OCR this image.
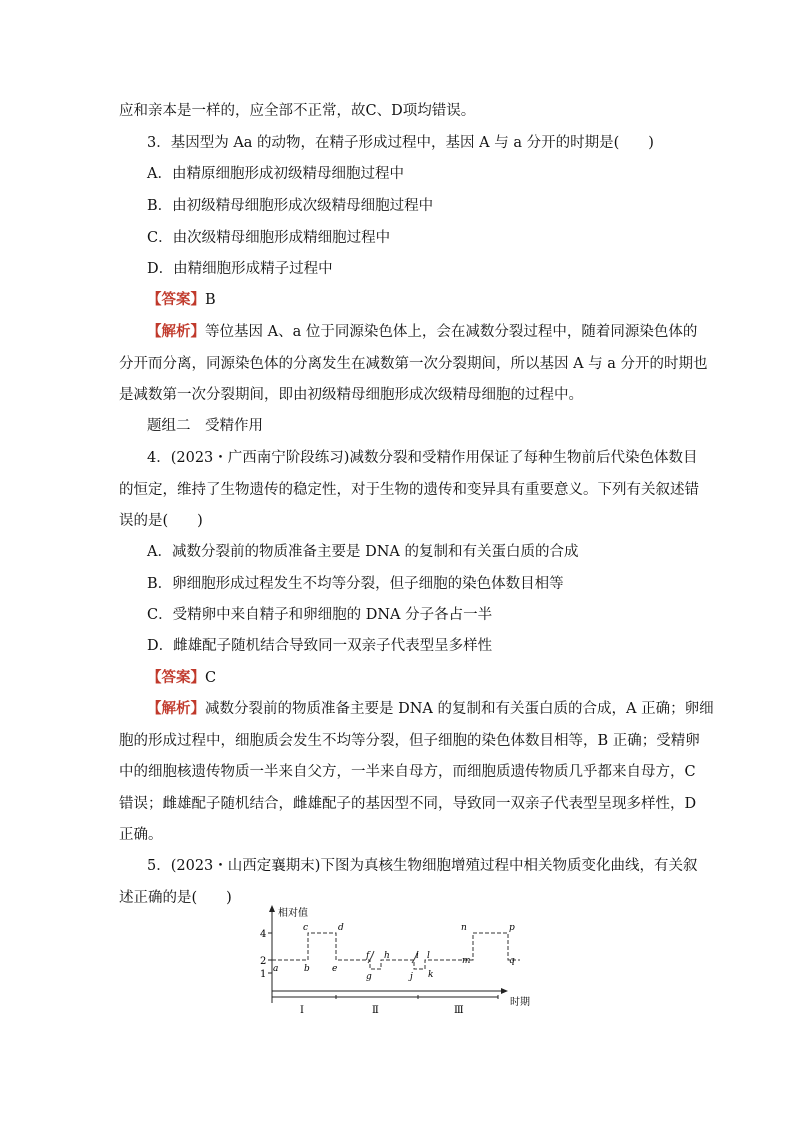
应和亲本是一样的，应全部不正常，故C、D项均错误。
3．基因型为 Aa 的动物，在精子形成过程中，基因 A 与 a 分开的时期是(　　)
A．由精原细胞形成初级精母细胞过程中
B．由初级精母细胞形成次级精母细胞过程中
C．由次级精母细胞形成精细胞过程中
D．由精细胞形成精子过程中
【答案】B
【解析】等位基因 A、a 位于同源染色体上，会在减数分裂过程中，随着同源染色体的
分开而分离，同源染色体的分离发生在减数第一次分裂期间，所以基因 A 与 a 分开的时期也
是减数第一次分裂期间，即由初级精母细胞形成次级精母细胞的过程中。
题组二　受精作用
4．(2023・广西南宁阶段练习)减数分裂和受精作用保证了每种生物前后代染色体数目
的恒定，维持了生物遗传的稳定性，对于生物的遗传和变异具有重要意义。下列有关叙述错
误的是(　　)
A．减数分裂前的物质准备主要是 DNA 的复制和有关蛋白质的合成
B．卵细胞形成过程发生不均等分裂，但子细胞的染色体数目相等
C．受精卵中来自精子和卵细胞的 DNA 分子各占一半
D．雌雄配子随机结合导致同一双亲子代表型呈多样性
【答案】C
【解析】减数分裂前的物质准备主要是 DNA 的复制和有关蛋白质的合成，A 正确；卵细
胞的形成过程中，细胞质会发生不均等分裂，但子细胞的染色体数目相等，B 正确；受精卵
中的细胞核遗传物质一半来自父方，一半来自母方，而细胞质遗传物质几乎都来自母方，C
错误；雌雄配子随机结合，雌雄配子的基因型不同，导致同一双亲子代表型呈现多样性，D
正确。
5．(2023・山西定襄期末)下图为真核生物细胞增殖过程中相关物质变化曲线，有关叙
述正确的是(　　)
相对值
时期
4
2
1 a	b
c	d
e
f
g
h	i
j k
l	m
n	p
q
Ⅰ	Ⅱ	Ⅲ
